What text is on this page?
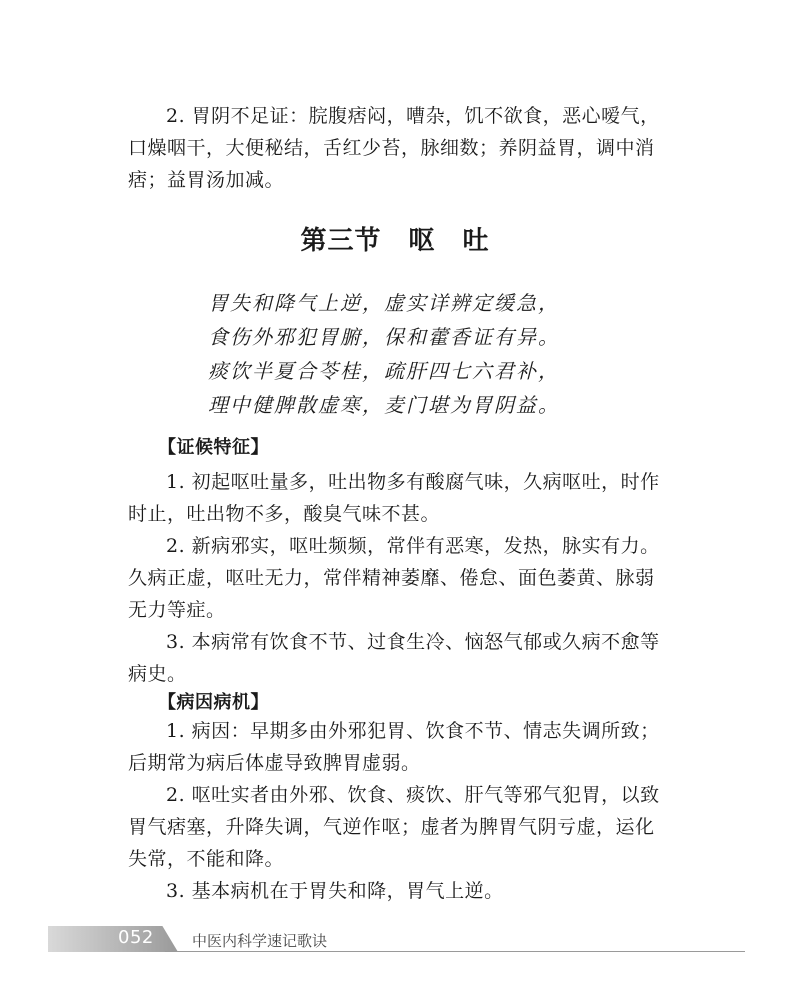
2. 胃阴不足证：脘腹痞闷，嘈杂，饥不欲食，恶心嗳气，口燥咽干，大便秘结，舌红少苔，脉细数；养阴益胃，调中消痞；益胃汤加减。

第三节　呕　吐
胃失和降气上逆，虚实详辨定缓急，
食伤外邪犯胃腑，保和藿香证有异。
痰饮半夏合苓桂，疏肝四七六君补，
理中健脾散虚寒，麦门堪为胃阴益。
【证候特征】

1. 初起呕吐量多，吐出物多有酸腐气味，久病呕吐，时作时止，吐出物不多，酸臭气味不甚。

2. 新病邪实，呕吐频频，常伴有恶寒，发热，脉实有力。久病正虚，呕吐无力，常伴精神萎靡、倦怠、面色萎黄、脉弱无力等症。

3. 本病常有饮食不节、过食生冷、恼怒气郁或久病不愈等病史。

【病因病机】

1. 病因：早期多由外邪犯胃、饮食不节、情志失调所致；后期常为病后体虚导致脾胃虚弱。

2. 呕吐实者由外邪、饮食、痰饮、肝气等邪气犯胃，以致胃气痞塞，升降失调，气逆作呕；虚者为脾胃气阴亏虚，运化失常，不能和降。

3. 基本病机在于胃失和降，胃气上逆。

052	中医内科学速记歌诀
